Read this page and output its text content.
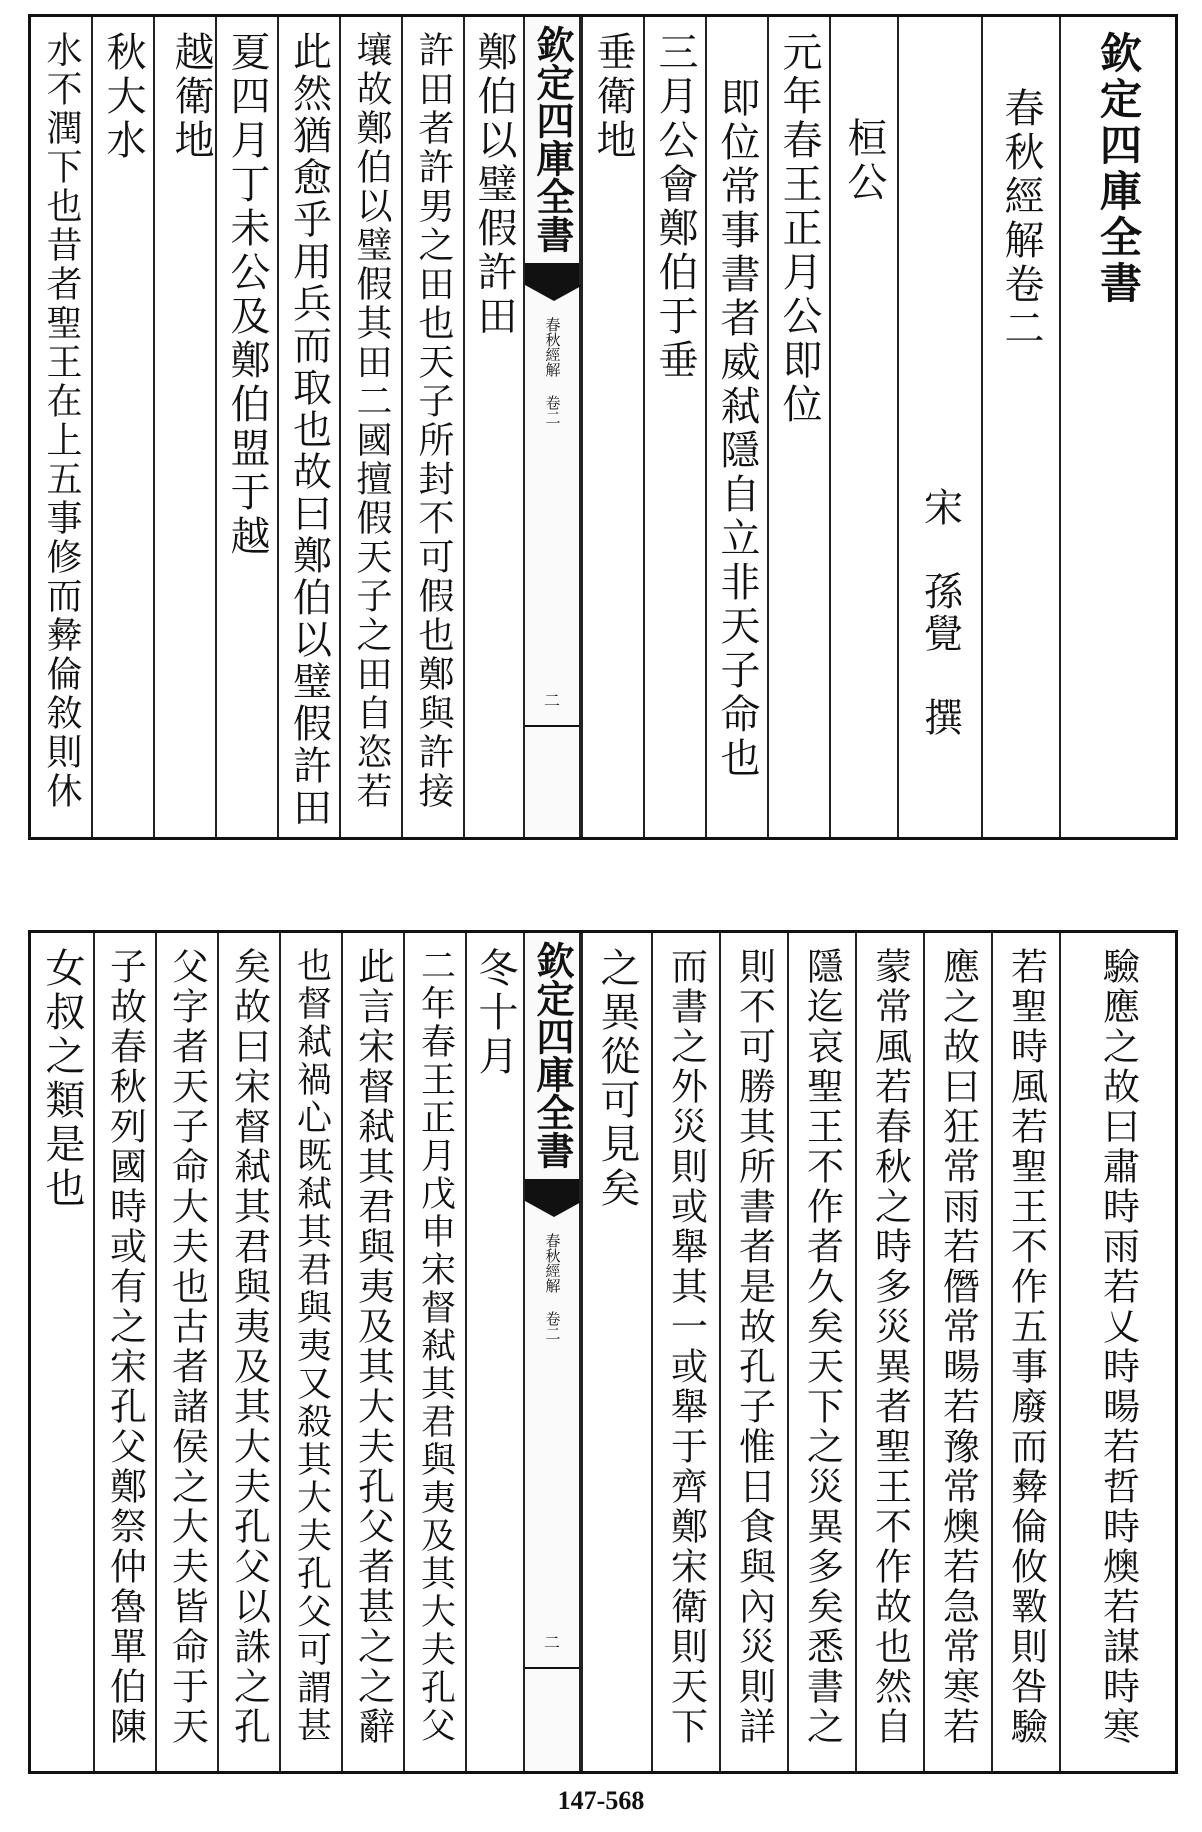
水不潤下也昔者聖王在上五事修而彜倫敘則休 秋大水 越衛地 夏四月丁未公及鄭伯盟于越 此然猶愈乎用兵而取也故曰鄭伯以璧假許田 壤故鄭伯以璧假其田二國擅假天子之田自恣若 許田者許男之田也天子所封不可假也鄭與許接 鄭伯以璧假許田 欽定四庫全書
春秋經解 卷二
二
垂衛地 三月公會鄭伯于垂 即位常事書者威弒隱自立非天子命也 元年春王正月公即位 桓公
宋　孫覺　撰
春秋經解卷二 欽定四庫全書
女叔之類是也 子故春秋列國時或有之宋孔父鄭祭仲魯單伯陳 父字者天子命大夫也古者諸侯之大夫皆命于天 矣故曰宋督弒其君與夷及其大夫孔父以誅之孔 也督弒禍心既弒其君與夷又殺其大夫孔父可謂甚 此言宋督弒其君與夷及其大夫孔父者甚之之辭 二年春王正月戊申宋督弒其君與夷及其大夫孔父 冬十月 欽定四庫全書
春秋經解 卷二
二
之異從可見矣 而書之外災則或舉其一或舉于齊鄭宋衛則天下 則不可勝其所書者是故孔子惟日食與內災則詳 隱迄哀聖王不作者久矣天下之災異多矣悉書之 蒙常風若春秋之時多災異者聖王不作故也然自 應之故曰狂常雨若僭常暘若豫常燠若急常寒若 若聖時風若聖王不作五事廢而彜倫攸斁則咎驗 驗應之故曰肅時雨若乂時暘若哲時燠若謀時寒
147-568
